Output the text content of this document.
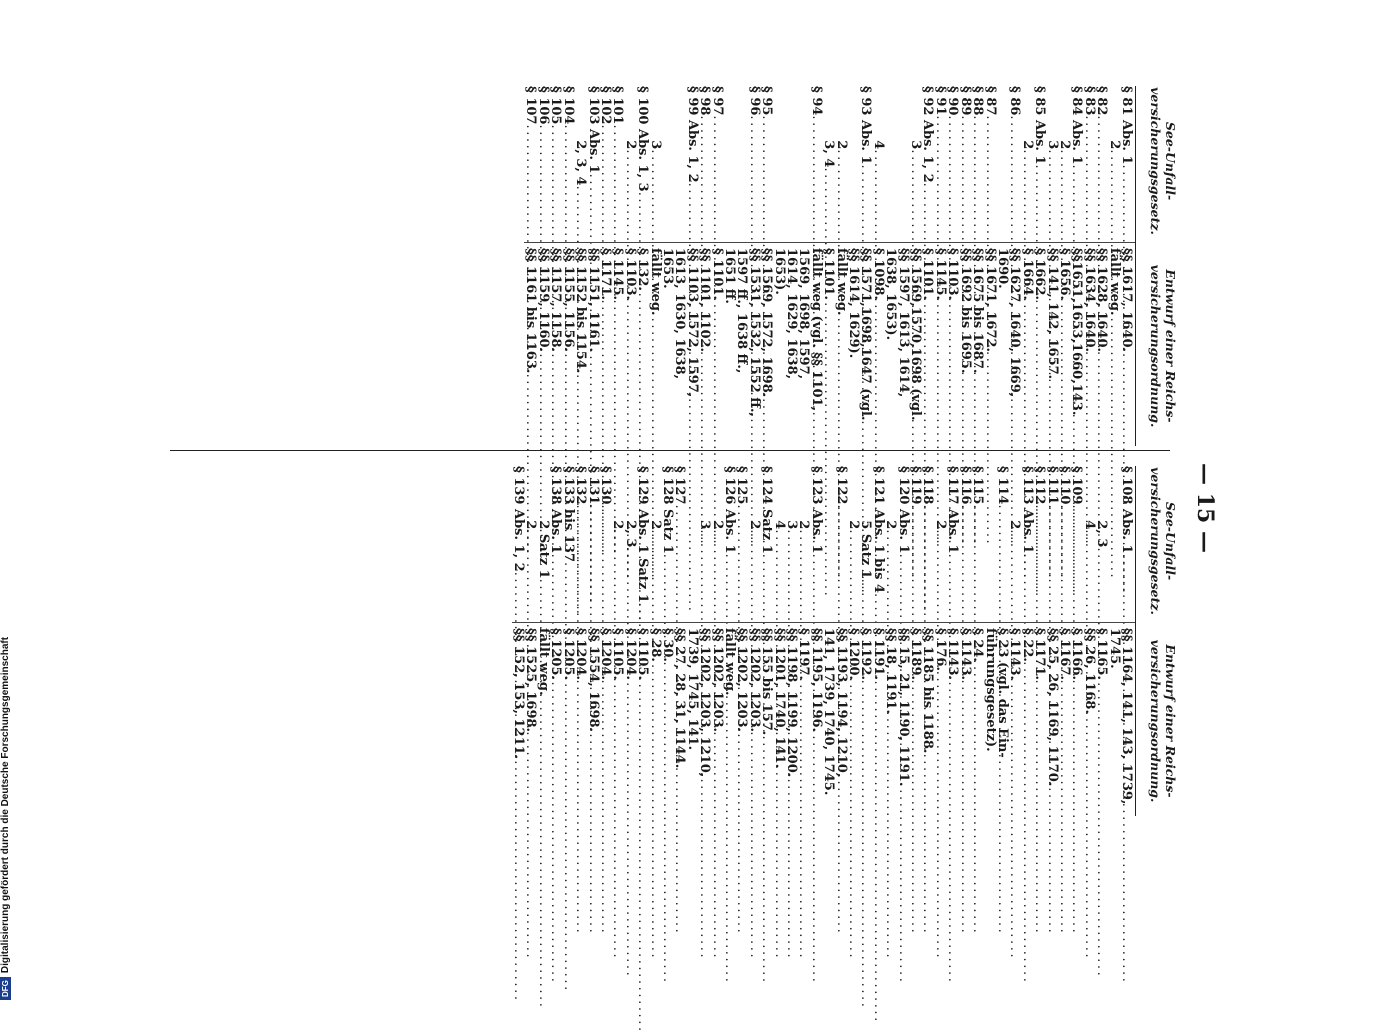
— 15 —
See-Unfall-
versicherungsgesetz.
Entwurf einer Reichs-
versicherungsordnung.
§ 81 Abs. 1
.....
§§ 1617, 1640.
2
.....
fällt weg.
§ 82
.....
§§ 1628, 1640.
§ 83
.....
§§ 1634, 1640.
§ 84 Abs. 1
.....
§§1651,1653,1660,143.
2
.....
§ 1656.
3
.....
§§ 141, 142, 1657.
§ 85 Abs. 1
.....
§ 1662.
2
.....
§ 1664.
§ 86
.....
§§ 1627, 1640, 1669,
1690.
§ 87
.....
§§ 1671, 1672.
§ 88
.....
§§ 1675 bis 1687.
§ 89
.....
§§ 1692 bis 1695.
§ 90
.....
§ 1103.
§ 91
.....
§ 1145.
§ 92 Abs. 1, 2
.....
§ 1101.
3
.....
§§ 1569,1570,1698 (vgl.
§§ 1597, 1613, 1614,
1638, 1653).
4
.....
§ 1098.
§ 93 Abs. 1
.....
§§ 1571,1698,1647 (vgl.
§§ 1614, 1629).
2
.....
fällt weg.
3, 4
.....
§ 1101.
§ 94
.....
fällt weg (vgl. §§ 1101,
1569, 1698, 1597,
1614, 1629, 1638,
1653).
§ 95
.....
§§ 1569, 1572, 1698.
§ 96
.....
§§ 1531, 1532, 1552 ff.,
1597 ff., 1638 ff.,
1651 ff.
§ 97
.....
§ 1101.
§ 98
.....
§§ 1101, 1102.
§ 99 Abs. 1, 2
.....
§§ 1103, 1572, 1597,
1613, 1630, 1638,
1653.
3
.....
fällt weg.
§ 100 Abs. 1, 3
.....
§ 132.
2
.....
§ 1103.
§ 101
.....
§ 1145.
§ 102
.....
§ 1171.
§ 103 Abs. 1
.....
§§ 1151, 1161.
2, 3, 4
.....
§§ 1152 bis 1154.
§ 104
.....
§§ 1155, 1156.
§ 105
.....
§§ 1157, 1158.
§ 106
.....
§§ 1159, 1160.
§ 107
.....
§§ 1161 bis 1163.
See-Unfall-
versicherungsgesetz.
Entwurf einer Reichs-
versicherungsordnung.
§ 108 Abs. 1
.....
§§ 1164, 141, 143, 1739,
1745.
2, 3
.....
§ 1165.
4
.....
§§ 26, 1168.
§ 109
.....
§ 1166.
§ 110
.....
§ 1167.
§ 111
.....
§§ 25, 26, 1169, 1170.
§ 112
.....
§ 1171.
§ 113 Abs. 1
.....
§ 22.
2
.....
§ 1143.
§ 114
.....
§ 23 (vgl. das Ein-
führungsgesetz).
§ 115
.....
§ 24.
§ 116
.....
§ 1143.
§ 117 Abs. 1
.....
§ 1143.
2
.....
§ 176.
§ 118
.....
§§ 1185 bis 1188.
§ 119
.....
§ 1189.
§ 120 Abs. 1
.....
§§ 15, 21, 1190, 1191.
2
.....
§§ 18, 1191.
§ 121 Abs. 1 bis 4
.....
§ 1191.
5 Satz 1
.....
§ 1192.
2
.....
§ 1200.
§ 122
.....
§§ 1193, 1194, 1210,
141, 1739, 1740, 1745.
§ 123 Abs. 1
.....
§§ 1195, 1196.
2
.....
§ 1197.
3
.....
§§ 1198, 1199, 1200.
4
.....
§§ 1201, 1740, 141.
§ 124 Satz 1
.....
§§ 155 bis 157.
2
.....
§§ 1202, 1203.
§ 125
.....
§§ 1202, 1203.
§ 126 Abs. 1
.....
fällt weg.
2
.....
§§ 1202, 1203.
3
.....
§§ 1202, 1203, 1210,
1739, 1745, 141.
§ 127
.....
§§ 27, 28, 31, 1144.
§ 128 Satz 1
.....
§ 30.
2
.....
§ 28.
§ 129 Abs. 1 Satz 1
.....
§ 1105.
2, 3
.....
§ 1204.
2
.....
§ 1105.
§ 130
.....
§ 1204.
§ 131
.....
§§ 1554, 1698.
§ 132
.....
§ 1204.
§ 133 bis 137
.....
§ 1205.
§ 138 Abs. 1
.....
§ 1205.
2 Satz 1
.....
fällt weg.
2
.....
§§ 1525, 1698.
§ 139 Abs. 1, 2
.....
§§ 152, 153, 1211.
DFGDigitalisierung gefördert durch die Deutsche Forschungsgemeinschaft
